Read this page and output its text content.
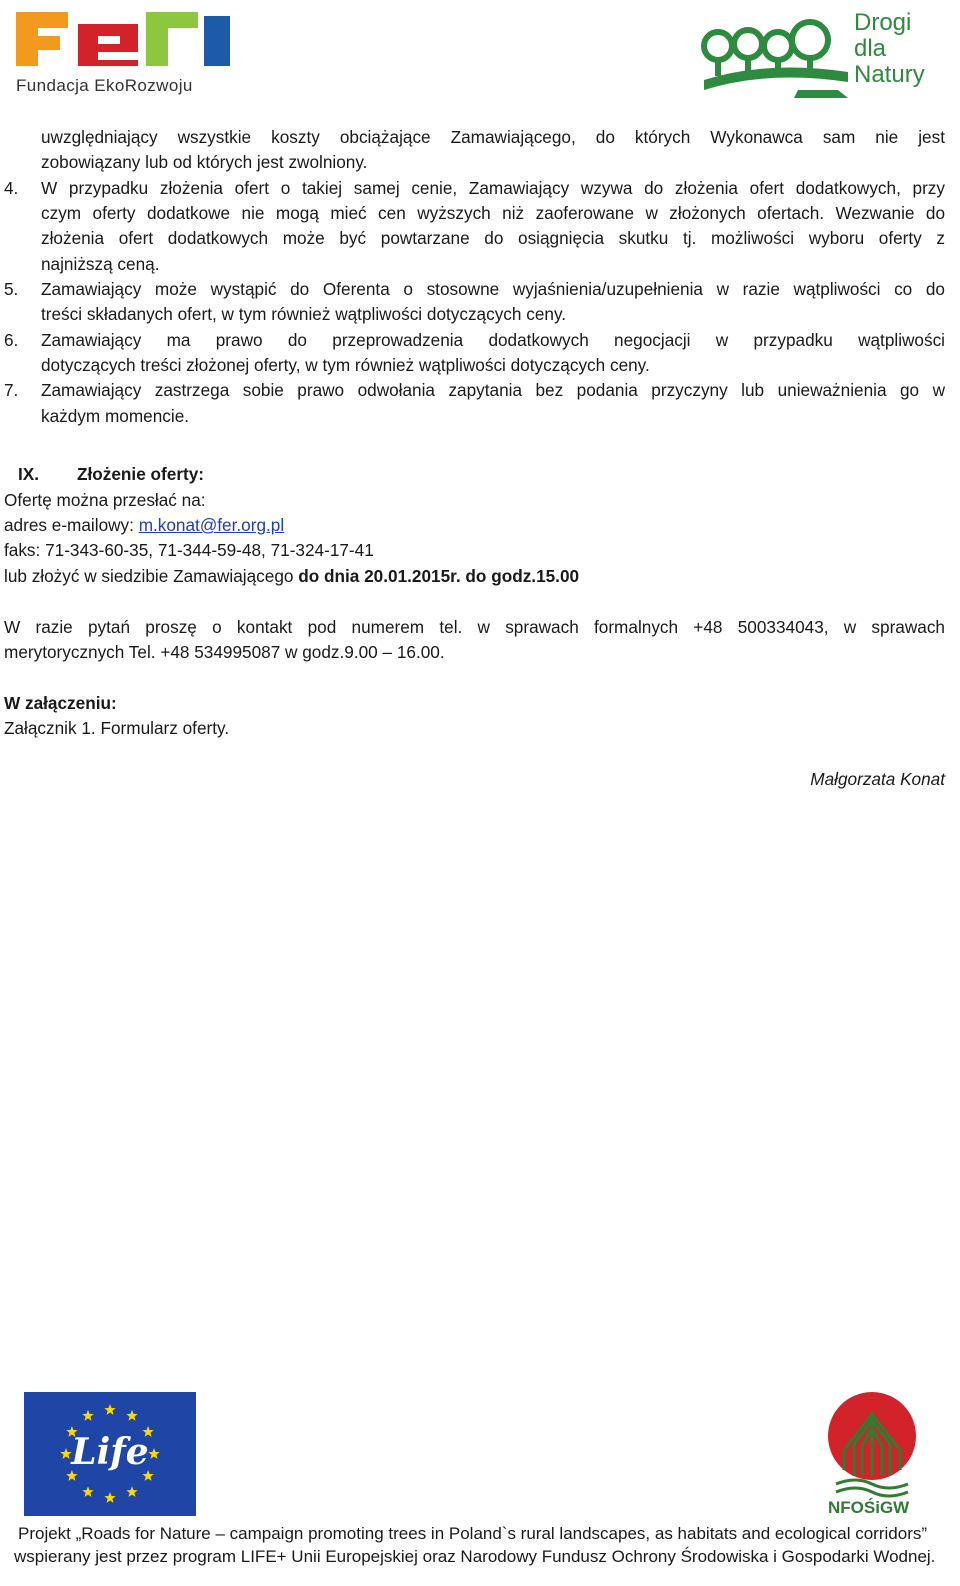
Fundacja EkoRozwoju
Drogi
dla
Natury
uwzględniający wszystkie koszty obciążające Zamawiającego, do których Wykonawca sam nie jest
zobowiązany lub od których jest zwolniony.
4. W przypadku złożenia ofert o takiej samej cenie, Zamawiający wzywa do złożenia ofert dodatkowych, przy
czym oferty dodatkowe nie mogą mieć cen wyższych niż zaoferowane w złożonych ofertach. Wezwanie do
złożenia ofert dodatkowych może być powtarzane do osiągnięcia skutku tj. możliwości wyboru oferty z
najniższą ceną.
5. Zamawiający może wystąpić do Oferenta o stosowne wyjaśnienia/uzupełnienia w razie wątpliwości co do
treści składanych ofert, w tym również wątpliwości dotyczących ceny.
6. Zamawiający ma prawo do przeprowadzenia dodatkowych negocjacji w przypadku wątpliwości
dotyczących treści złożonej oferty, w tym również wątpliwości dotyczących ceny.
7. Zamawiający zastrzega sobie prawo odwołania zapytania bez podania przyczyny lub unieważnienia go w
każdym momencie.
IX. Złożenie oferty:
Ofertę można przesłać na:
adres e-mailowy: m.konat@fer.org.pl
faks: 71-343-60-35, 71-344-59-48, 71-324-17-41
lub złożyć w siedzibie Zamawiającego do dnia 20.01.2015r. do godz.15.00
W razie pytań proszę o kontakt pod numerem tel. w sprawach formalnych +48 500334043, w sprawach
merytorycznych Tel. +48 534995087 w godz.9.00 – 16.00.
W załączeniu:
Załącznik 1. Formularz oferty.
Małgorzata Konat
Life
NFOŚiGW
Projekt „Roads for Nature – campaign promoting trees in Poland`s rural landscapes, as habitats and ecological corridors”
wspierany jest przez program LIFE+ Unii Europejskiej oraz Narodowy Fundusz Ochrony Środowiska i Gospodarki Wodnej.
